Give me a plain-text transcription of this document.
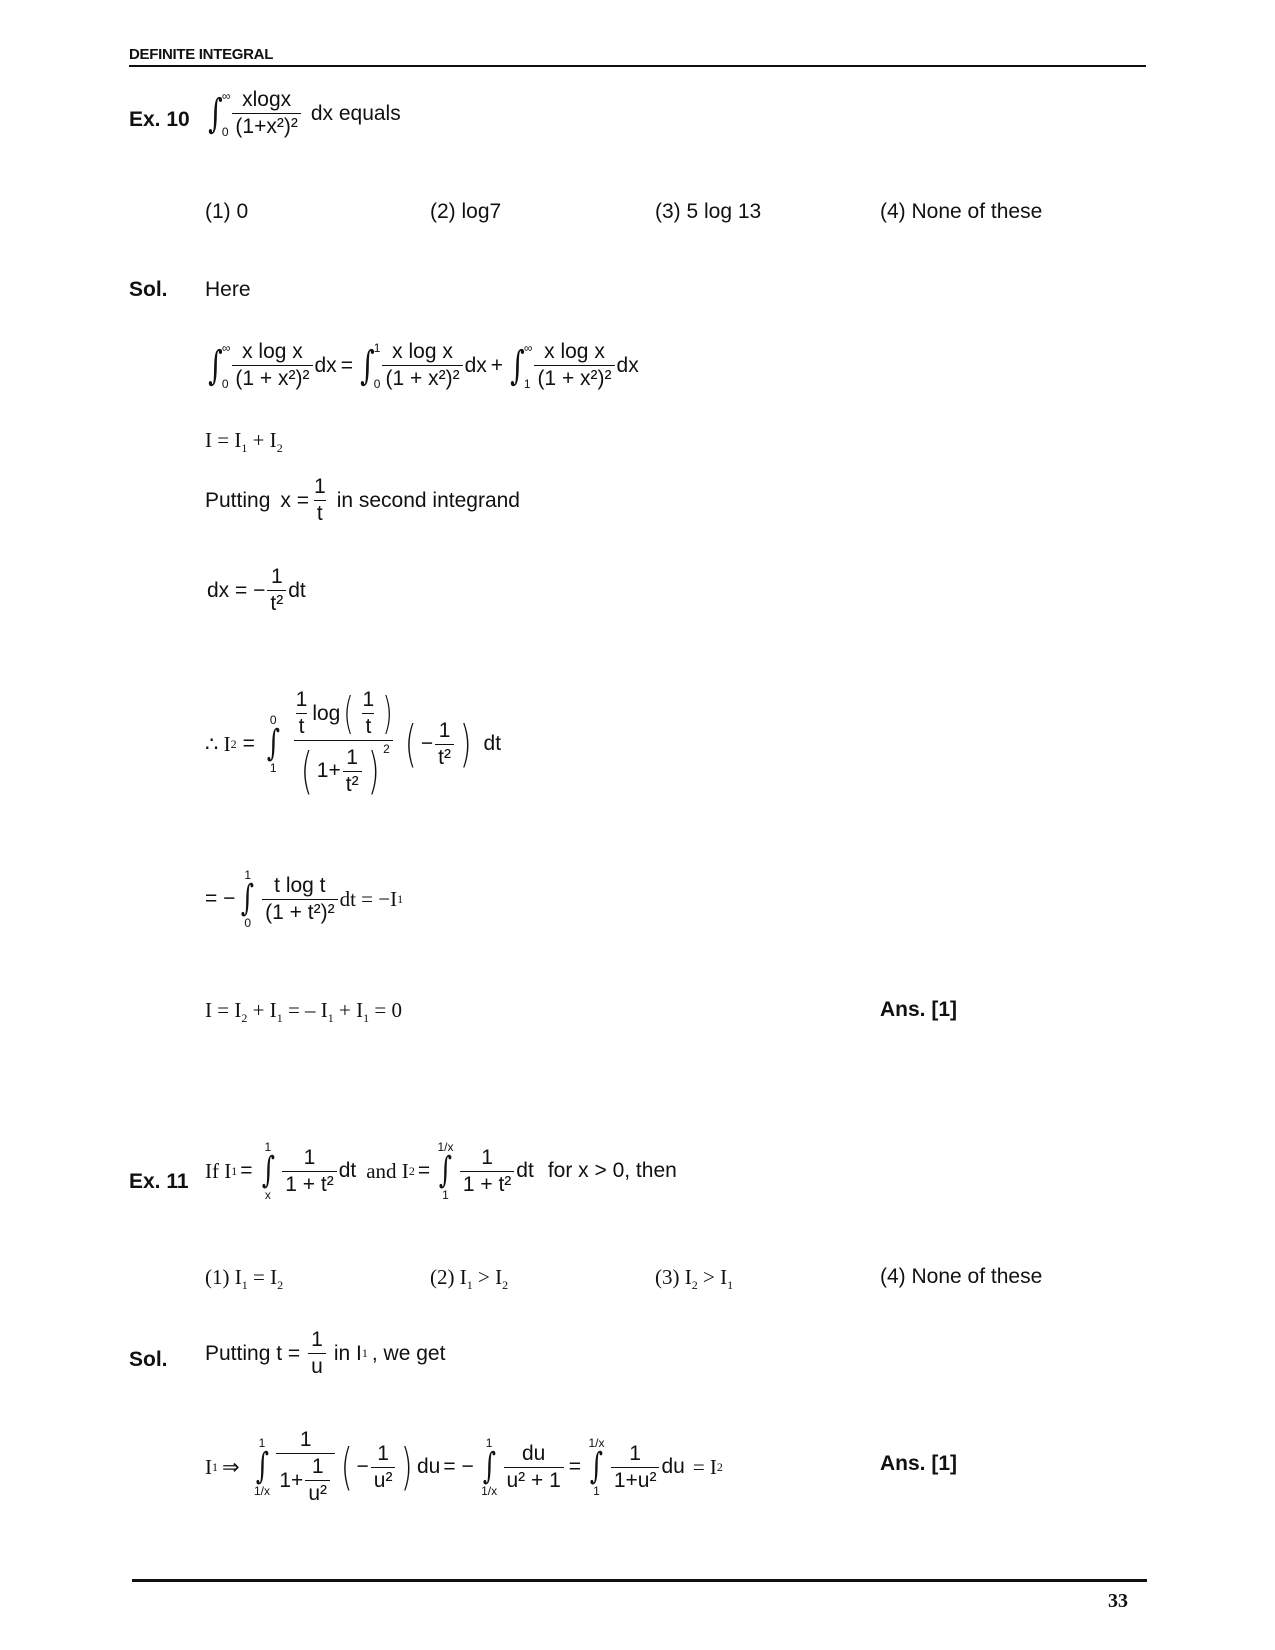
DEFINITE INTEGRAL
Ex. 10 ∫ ∞
$0 \frac{xlogx}{\text{(1+x²)²}}$ dx equals
(1) 0	(2) log7	(3) 5 log 13	(4) None of these
Sol. Here
∫ ∞
$0 \frac{\text{x log x}}{\text{(1 + x²)²}}$ dx = ∫ 1
$0 \frac{\text{x log x}}{\text{(1 + x²)²}}$ dx + ∫ ∞
$1 \frac{\text{x log x}}{\text{(1 + x²)²}}$ dx
$I = I_1 + I_2$
Putting $x = \frac{1}{t}$ in second integrand
dx = − $\frac{1}{\text{t²}}$ dt
∴ I 2 =
0
∫
$1 \frac{\frac{1}{t} \log ( \frac{1}{t} )}{( 1+ \frac{1}{\text{t²}} ) ^2}$ ( − $\frac{1}{\text{t²}}$ ) dt
= −
1
∫
$0 \frac{\text{t log t}}{\text{(1 + t²)²}}$ dt = −I 1
$I = I_2 + I_1$ = – $I_1 + I_1 = 0$	Ans. [1]
Ex. 11 If I 1 =
1
∫
x $\frac{1}{\text{1 + t²}}$ dt and I 2 =
1/x
∫
$1 \frac{1}{\text{1 + t²}}$ dt for x > 0, then
(1) $I_1 = I_2$	(2) $I_1 > I_2$	(3) $I_2 > I_1$	(4) None of these
Sol. Putting $t = \frac{1}{u}$ in I 1 , we get
I 1 ⇒
1
∫
$1/x \frac{1}{1+ \frac{1}{\text{u²}}}$ ( − $\frac{1}{\text{u²}}$ ) du = −
1
∫
$1/x \frac{du}{\text{u² + 1}}$ =
1/x
∫
$1 \frac{1}{\text{1+u²}}$ du = I 2	Ans. [1]
33
